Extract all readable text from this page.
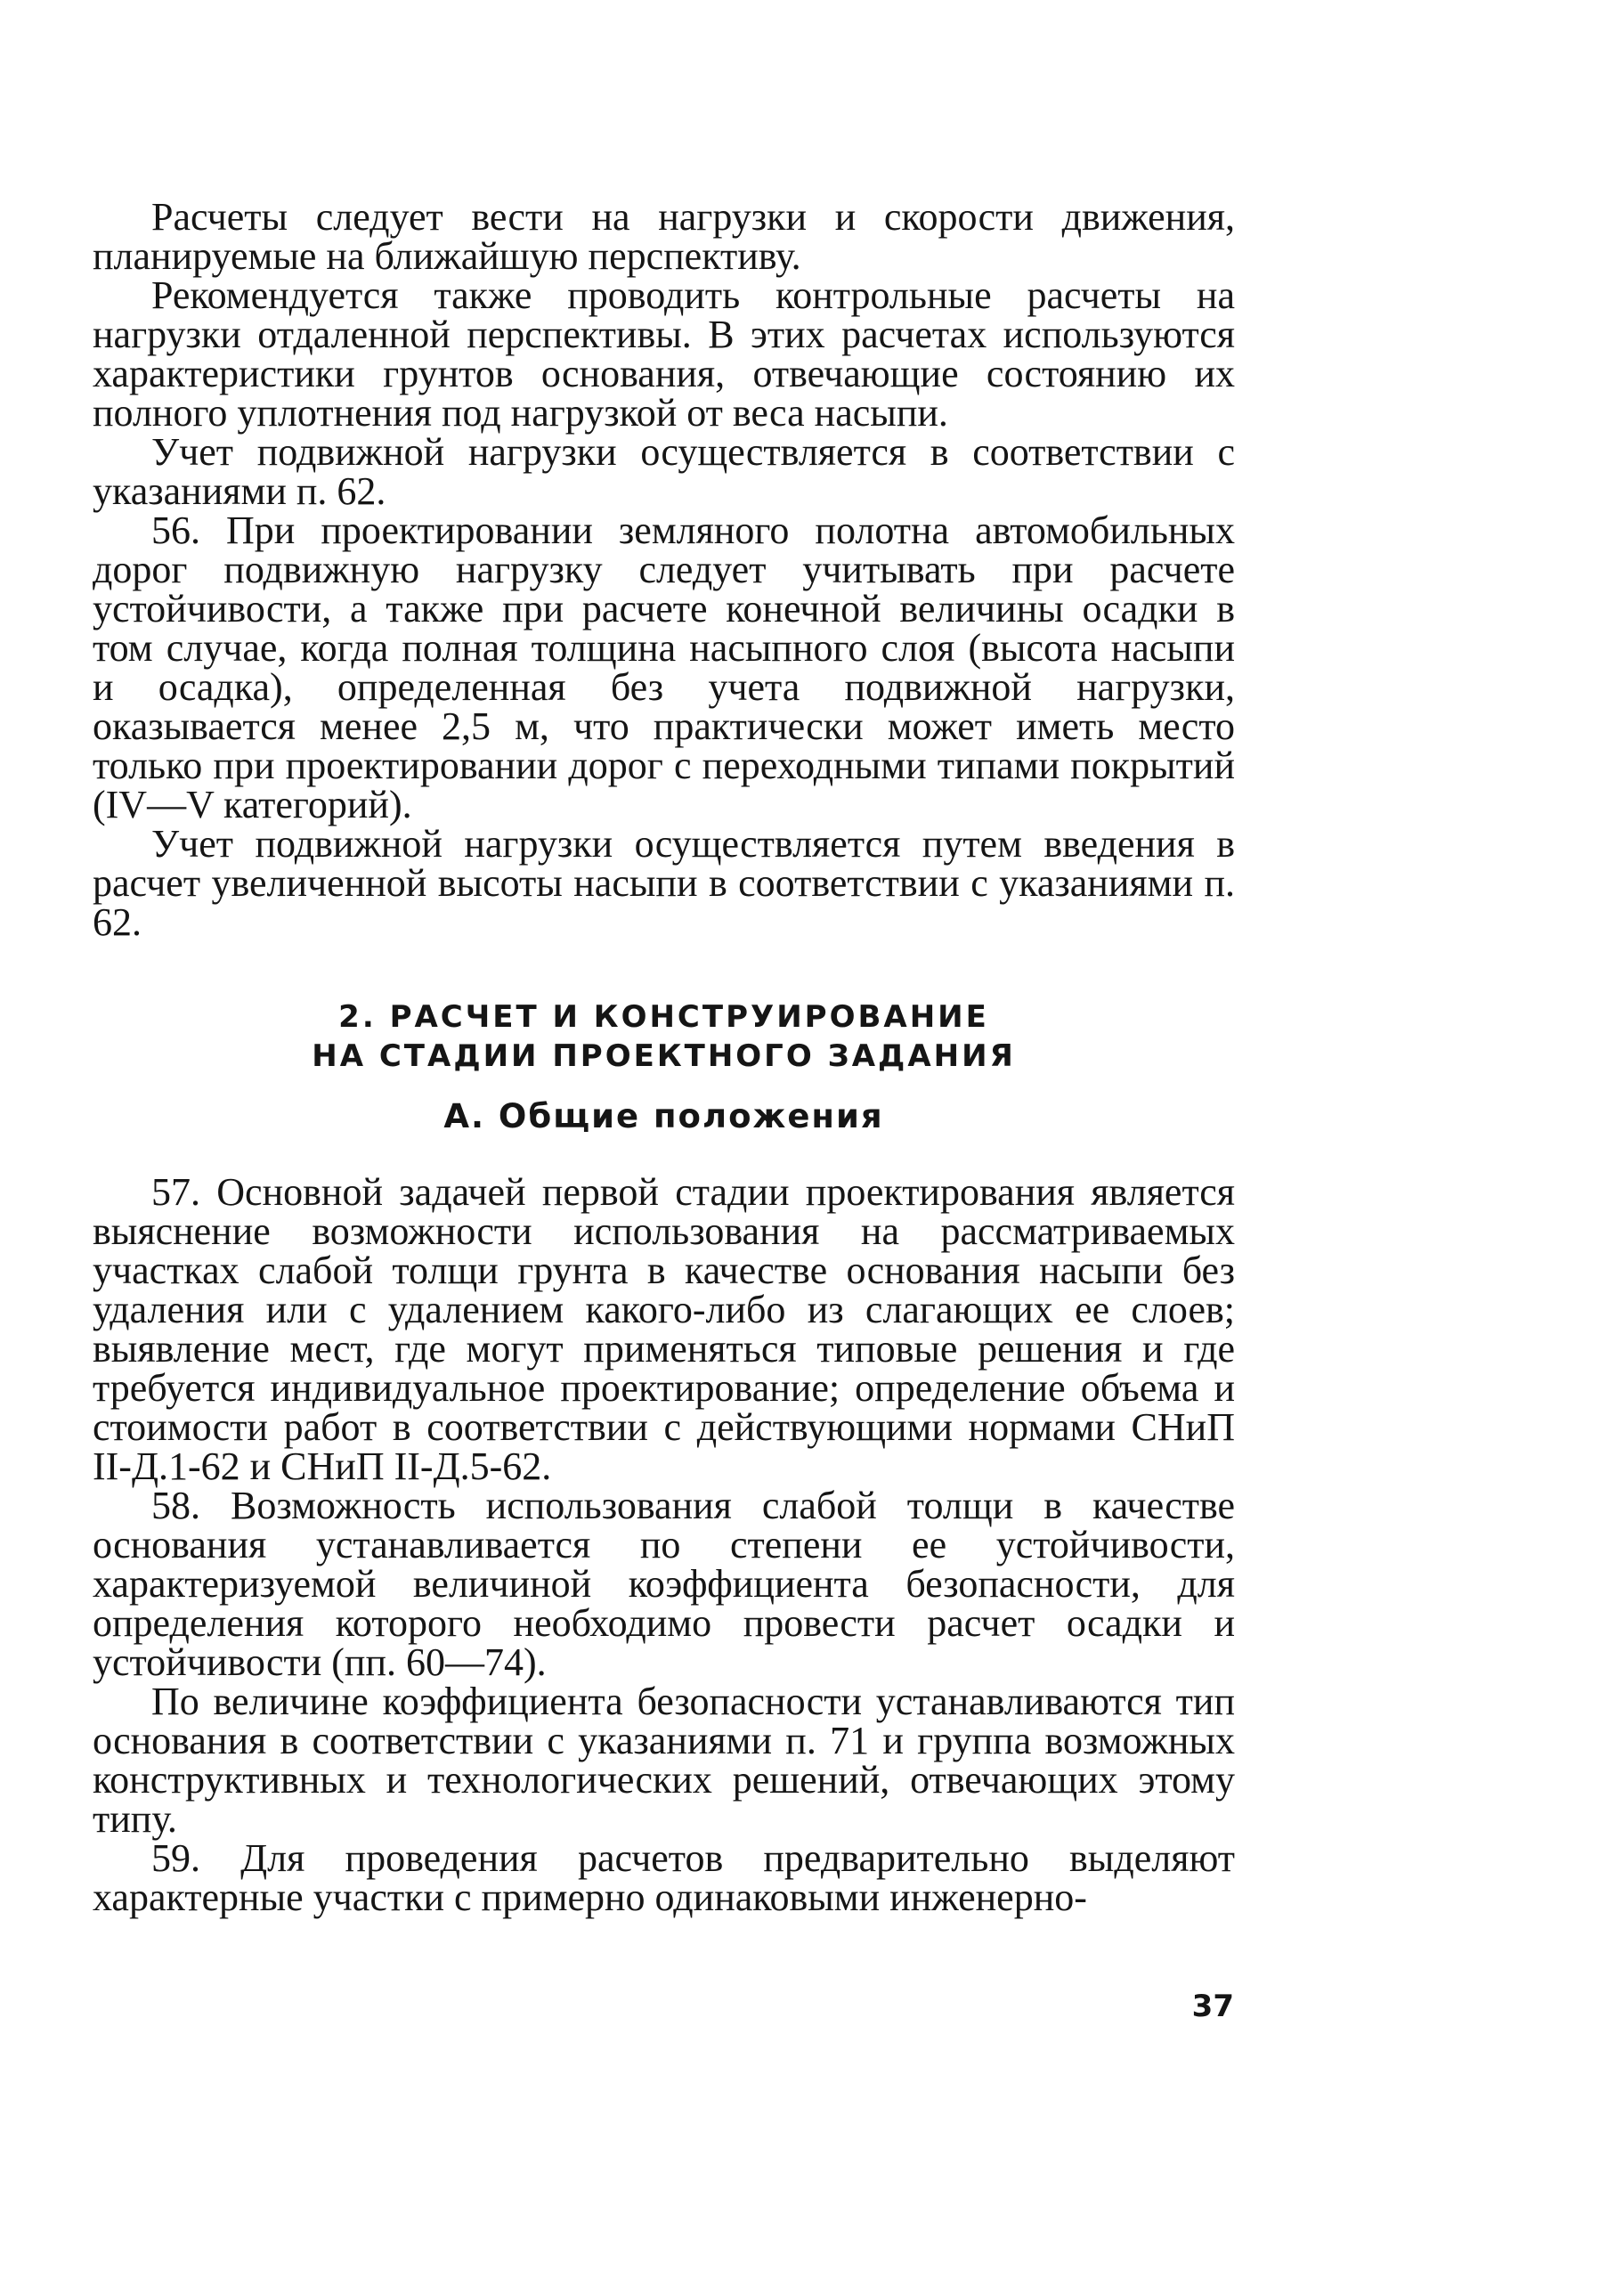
Расчеты следует вести на нагрузки и скорости движения, планируемые на ближайшую перспективу.

Рекомендуется также проводить контрольные расчеты на нагрузки отдаленной перспективы. В этих расчетах используются характеристики грунтов основания, отвечающие состоянию их полного уплотнения под нагрузкой от веса насыпи.

Учет подвижной нагрузки осуществляется в соответствии с указаниями п. 62.

56. При проектировании земляного полотна автомобильных дорог подвижную нагрузку следует учитывать при расчете устойчивости, а также при расчете конечной величины осадки в том случае, когда полная толщина насыпного слоя (высота насыпи и осадка), определенная без учета подвижной нагрузки, оказывается менее 2,5 м, что практически может иметь место только при проектировании дорог с переходными типами покрытий (IV—V категорий).

Учет подвижной нагрузки осуществляется путем введения в расчет увеличенной высоты насыпи в соответствии с указаниями п. 62.

2. РАСЧЕТ И КОНСТРУИРОВАНИЕ
НА СТАДИИ ПРОЕКТНОГО ЗАДАНИЯ
А. Общие положения

57. Основной задачей первой стадии проектирования является выяснение возможности использования на рассматриваемых участках слабой толщи грунта в качестве основания насыпи без удаления или с удалением какого-либо из слагающих ее слоев; выявление мест, где могут применяться типовые решения и где требуется индивидуальное проектирование; определение объема и стоимости работ в соответствии с действующими нормами СНиП II-Д.1-62 и СНиП II-Д.5-62.

58. Возможность использования слабой толщи в качестве основания устанавливается по степени ее устойчивости, характеризуемой величиной коэффициента безопасности, для определения которого необходимо провести расчет осадки и устойчивости (пп. 60—74).

По величине коэффициента безопасности устанавливаются тип основания в соответствии с указаниями п. 71 и группа возможных конструктивных и технологических решений, отвечающих этому типу.

59. Для проведения расчетов предварительно выделяют характерные участки с примерно одинаковыми инженерно-

37
